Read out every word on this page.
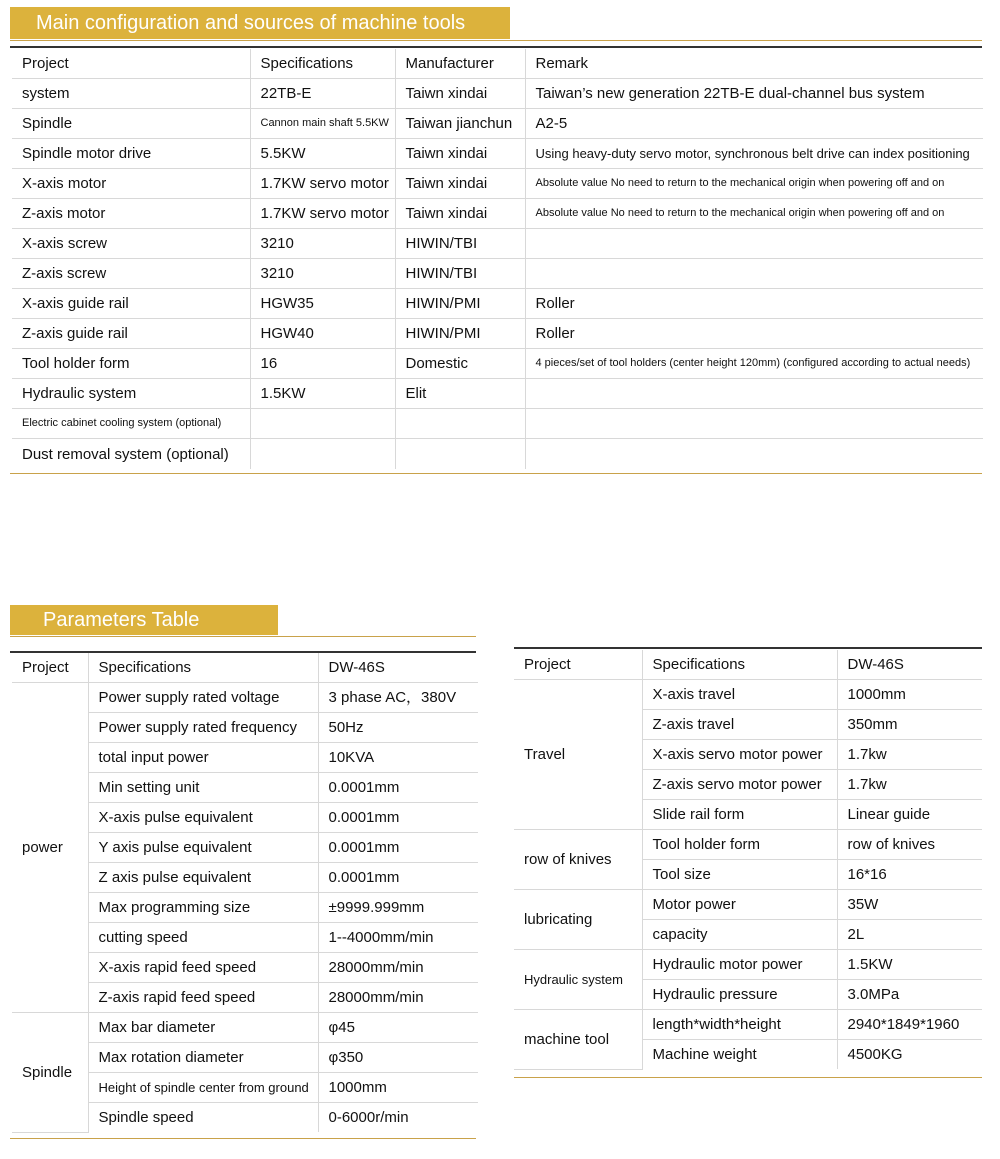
Main configuration and sources of machine tools
Project	Specifications	Manufacturer	Remark
system	22TB-E	Taiwn xindai	Taiwan’s new generation 22TB-E dual-channel bus system
Spindle	Cannon main shaft 5.5KW	Taiwan jianchun	A2-5
Spindle motor drive	5.5KW	Taiwn xindai	Using heavy-duty servo motor, synchronous belt drive can index positioning
X-axis motor	1.7KW servo motor	Taiwn xindai	Absolute value No need to return to the mechanical origin when powering off and on
Z-axis motor	1.7KW servo motor	Taiwn xindai	Absolute value No need to return to the mechanical origin when powering off and on
X-axis screw	3210	HIWIN/TBI	
Z-axis screw	3210	HIWIN/TBI	
X-axis guide rail	HGW35	HIWIN/PMI	Roller
Z-axis guide rail	HGW40	HIWIN/PMI	Roller
Tool holder form	16	Domestic	4 pieces/set of tool holders (center height 120mm) (configured according to actual needs)
Hydraulic system	1.5KW	Elit	
Electric cabinet cooling system (optional)			
Dust removal system (optional)			
Parameters Table
Project	Specifications	DW-46S
power	Power supply rated voltage	3 phase AC，380V
	Power supply rated frequency	50Hz
	total input power	10KVA
	Min setting unit	0.0001mm
	X-axis pulse equivalent	0.0001mm
	Y axis pulse equivalent	0.0001mm
	Z axis pulse equivalent	0.0001mm
	Max programming size	±9999.999mm
	cutting speed	1--4000mm/min
	X-axis rapid feed speed	28000mm/min
	Z-axis rapid feed speed	28000mm/min
Spindle	Max bar diameter	φ45
	Max rotation diameter	φ350
	Height of spindle center from ground	1000mm
	Spindle speed	0-6000r/min
Project	Specifications	DW-46S
Travel	X-axis travel	1000mm
	Z-axis travel	350mm
	X-axis servo motor power	1.7kw
	Z-axis servo motor power	1.7kw
	Slide rail form	Linear guide
row of knives	Tool holder form	row of knives
	Tool size	16*16
lubricating	Motor power	35W
	capacity	2L
Hydraulic system	Hydraulic motor power	1.5KW
	Hydraulic pressure	3.0MPa
machine tool	length*width*height	2940*1849*1960
	Machine weight	4500KG
